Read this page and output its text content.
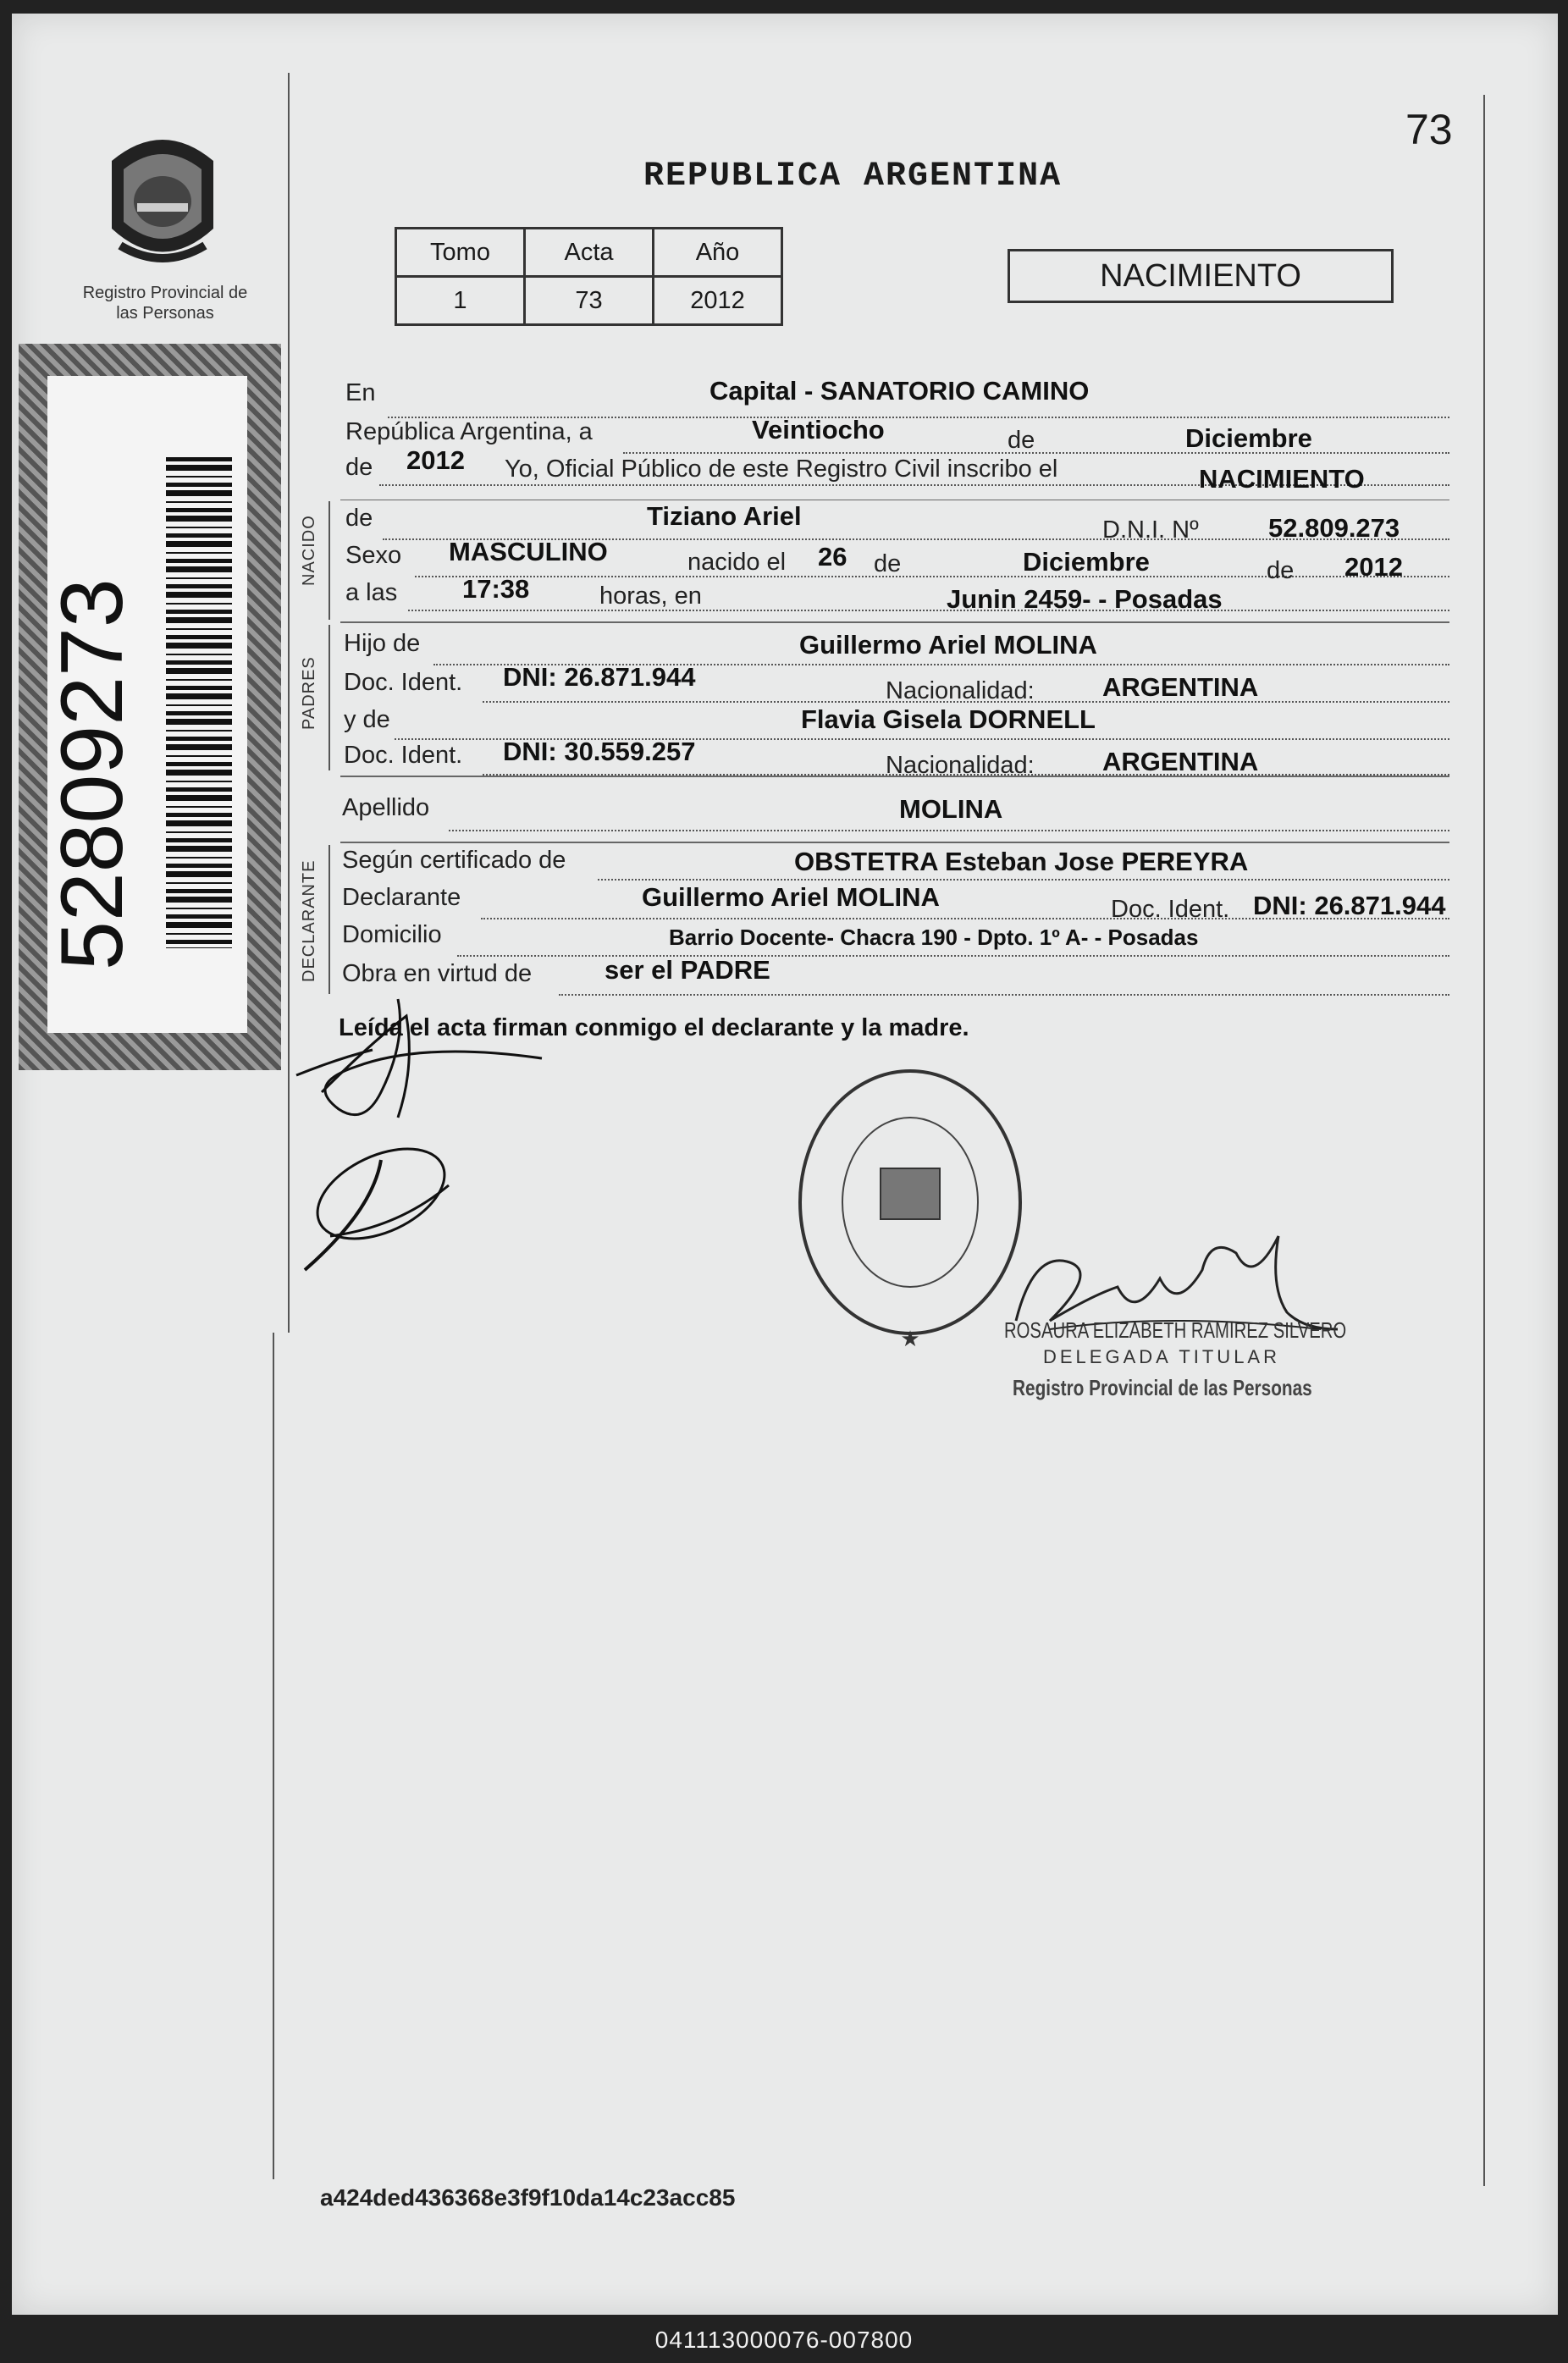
Registro Provincial de las Personas
52809273
73
REPUBLICA ARGENTINA
Tomo	Acta	Año
1	73	2012
NACIMIENTO
NACIDO
PADRES
DECLARANTE
En	Capital - SANATORIO CAMINO
República Argentina, a	Veintiocho	de	Diciembre
de 2012 Yo, Oficial Público de este Registro Civil inscribo el	NACIMIENTO
de	Tiziano Ariel	D.N.I. Nº	52.809.273
Sexo MASCULINO	nacido el 26 de	Diciembre	de 2012
a las 17:38	horas, en	Junin 2459- - Posadas
Hijo de	Guillermo Ariel MOLINA
Doc. Ident. DNI: 26.871.944	Nacionalidad:	ARGENTINA
y de	Flavia Gisela DORNELL
Doc. Ident. DNI: 30.559.257	Nacionalidad:	ARGENTINA
Apellido	MOLINA
Según certificado de	OBSTETRA Esteban Jose PEREYRA
Declarante	Guillermo Ariel MOLINA	Doc. Ident. DNI: 26.871.944
Domicilio	Barrio Docente- Chacra 190 - Dpto. 1º A- - Posadas
Obra en virtud de	ser el PADRE
Leída el acta firman conmigo el declarante y la madre.
★	ROSAURA ELIZABETH RAMIREZ SILVERO
DELEGADA TITULAR
Registro Provincial de las Personas
a424ded436368e3f9f10da14c23acc85
041113000076-007800
